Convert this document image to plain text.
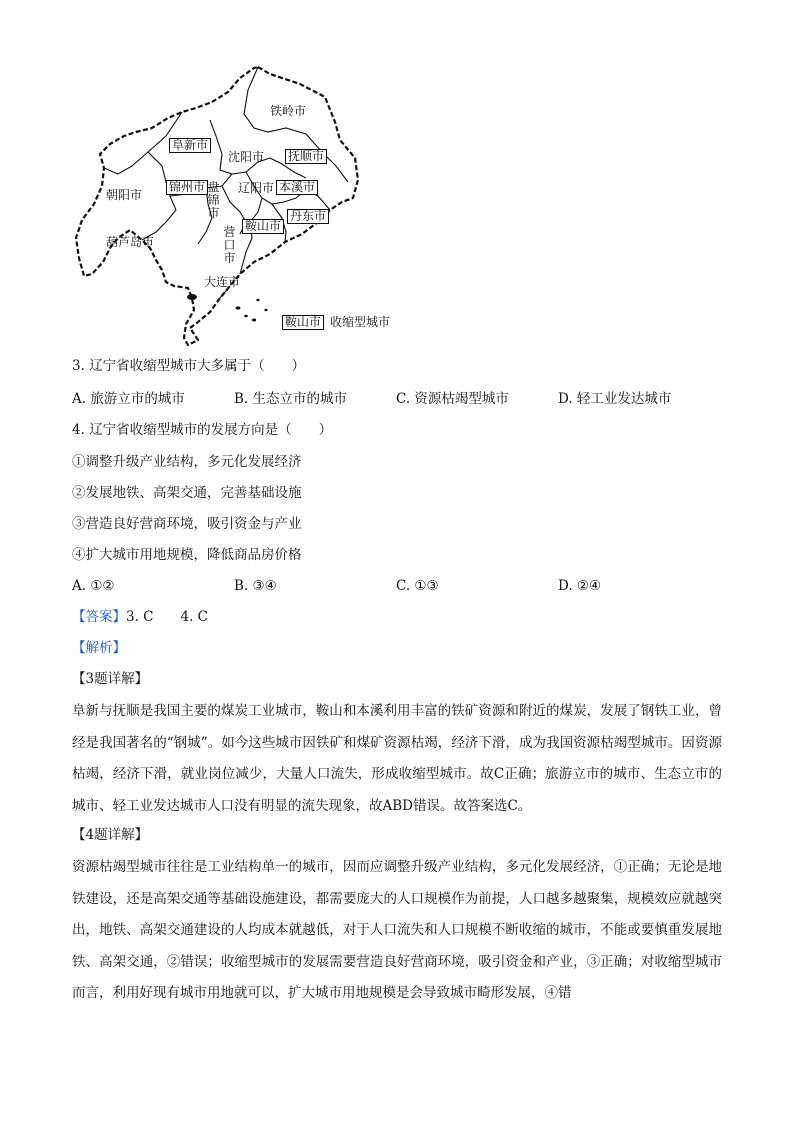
铁岭市
阜新市
沈阳市 抚顺市
朝阳市
锦州市 盘锦市
辽阳市 本溪市
丹东市
鞍山市
葫芦岛市
营口市
大连市
鞍山市 收缩型城市
3. 辽宁省收缩型城市大多属于（　　）
A. 旅游立市的城市	B. 生态立市的城市	C. 资源枯竭型城市	D. 轻工业发达城市
4. 辽宁省收缩型城市的发展方向是（　　）
①调整升级产业结构，多元化发展经济
②发展地铁、高架交通，完善基础设施
③营造良好营商环境，吸引资金与产业
④扩大城市用地规模，降低商品房价格
A. ①②	B. ③④	C. ①③	D. ②④
【答案】3. C　　4. C
【解析】
【3题详解】
阜新与抚顺是我国主要的煤炭工业城市，鞍山和本溪利用丰富的铁矿资源和附近的煤炭，发展了钢铁工业，曾经是我国著名的“钢城”。如今这些城市因铁矿和煤矿资源枯竭，经济下滑，成为我国资源枯竭型城市。因资源枯竭，经济下滑，就业岗位减少，大量人口流失，形成收缩型城市。故C正确；旅游立市的城市、生态立市的城市、轻工业发达城市人口没有明显的流失现象，故ABD错误。故答案选C。
【4题详解】
资源枯竭型城市往往是工业结构单一的城市，因而应调整升级产业结构，多元化发展经济，①正确；无论是地铁建设，还是高架交通等基础设施建设，都需要庞大的人口规模作为前提，人口越多越聚集，规模效应就越突出，地铁、高架交通建设的人均成本就越低，对于人口流失和人口规模不断收缩的城市，不能或要慎重发展地铁、高架交通，②错误；收缩型城市的发展需要营造良好营商环境，吸引资金和产业，③正确；对收缩型城市而言，利用好现有城市用地就可以，扩大城市用地规模是会导致城市畸形发展，④错
